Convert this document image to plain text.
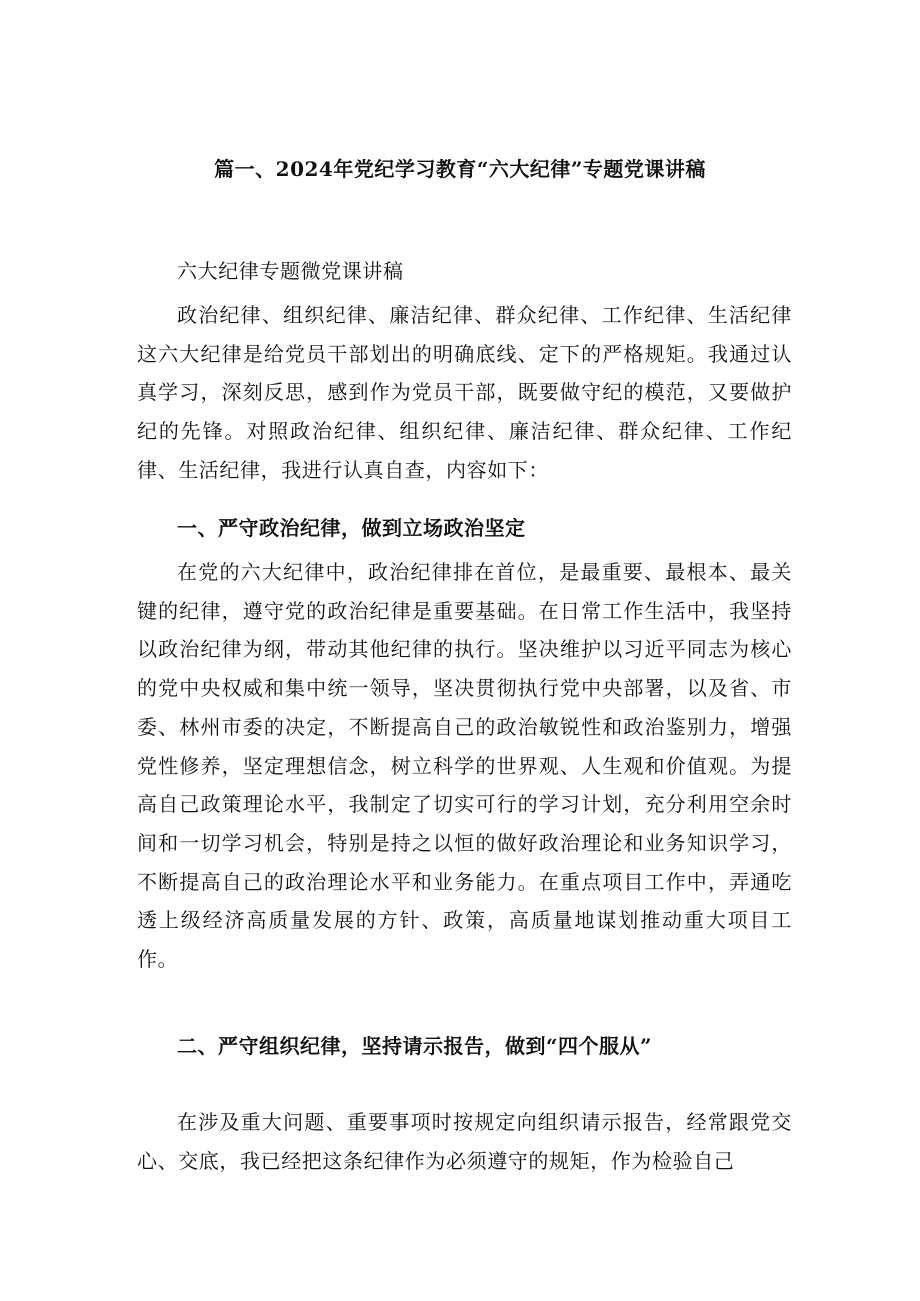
篇一、2024年党纪学习教育“六大纪律”专题党课讲稿

六大纪律专题微党课讲稿

政治纪律、组织纪律、廉洁纪律、群众纪律、工作纪律、生活纪律这六大纪律是给党员干部划出的明确底线、定下的严格规矩。我通过认真学习，深刻反思，感到作为党员干部，既要做守纪的模范，又要做护纪的先锋。对照政治纪律、组织纪律、廉洁纪律、群众纪律、工作纪律、生活纪律，我进行认真自查，内容如下：

一、严守政治纪律，做到立场政治坚定

在党的六大纪律中，政治纪律排在首位，是最重要、最根本、最关键的纪律，遵守党的政治纪律是重要基础。在日常工作生活中，我坚持以政治纪律为纲，带动其他纪律的执行。坚决维护以习近平同志为核心的党中央权威和集中统一领导，坚决贯彻执行党中央部署，以及省、市委、林州市委的决定，不断提高自己的政治敏锐性和政治鉴别力，增强党性修养，坚定理想信念，树立科学的世界观、人生观和价值观。为提高自己政策理论水平，我制定了切实可行的学习计划，充分利用空余时间和一切学习机会，特别是持之以恒的做好政治理论和业务知识学习，不断提高自己的政治理论水平和业务能力。在重点项目工作中，弄通吃透上级经济高质量发展的方针、政策，高质量地谋划推动重大项目工作。

二、严守组织纪律，坚持请示报告，做到“四个服从”

在涉及重大问题、重要事项时按规定向组织请示报告，经常跟党交心、交底，我已经把这条纪律作为必须遵守的规矩，作为检验自己
